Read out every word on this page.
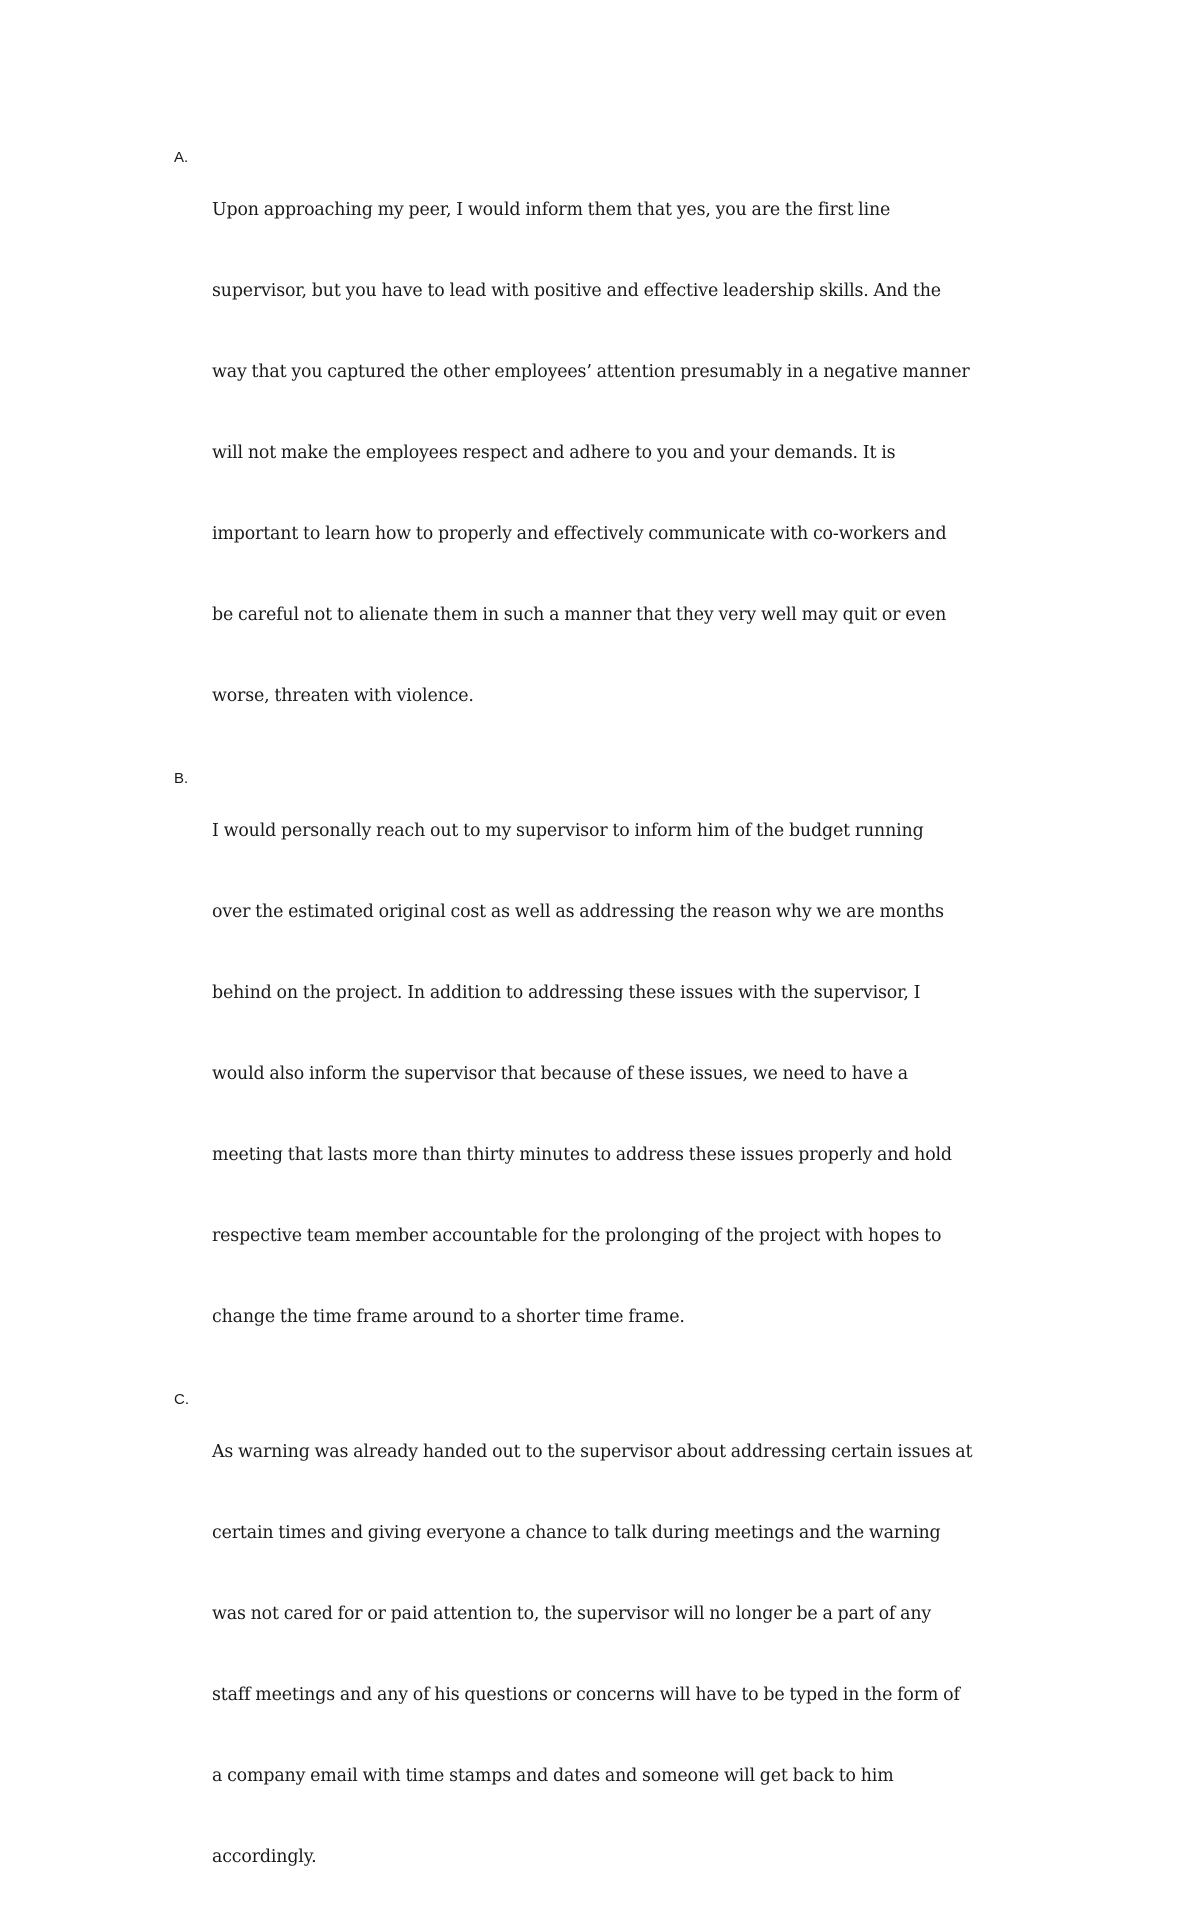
A.

Upon approaching my peer, I would inform them that yes, you are the first line

supervisor, but you have to lead with positive and effective leadership skills. And the

way that you captured the other employees’ attention presumably in a negative manner

will not make the employees respect and adhere to you and your demands. It is

important to learn how to properly and effectively communicate with co-workers and

be careful not to alienate them in such a manner that they very well may quit or even

worse, threaten with violence.

B.

I would personally reach out to my supervisor to inform him of the budget running

over the estimated original cost as well as addressing the reason why we are months

behind on the project. In addition to addressing these issues with the supervisor, I

would also inform the supervisor that because of these issues, we need to have a

meeting that lasts more than thirty minutes to address these issues properly and hold

respective team member accountable for the prolonging of the project with hopes to

change the time frame around to a shorter time frame.

C.

As warning was already handed out to the supervisor about addressing certain issues at

certain times and giving everyone a chance to talk during meetings and the warning

was not cared for or paid attention to, the supervisor will no longer be a part of any

staff meetings and any of his questions or concerns will have to be typed in the form of

a company email with time stamps and dates and someone will get back to him

accordingly.
